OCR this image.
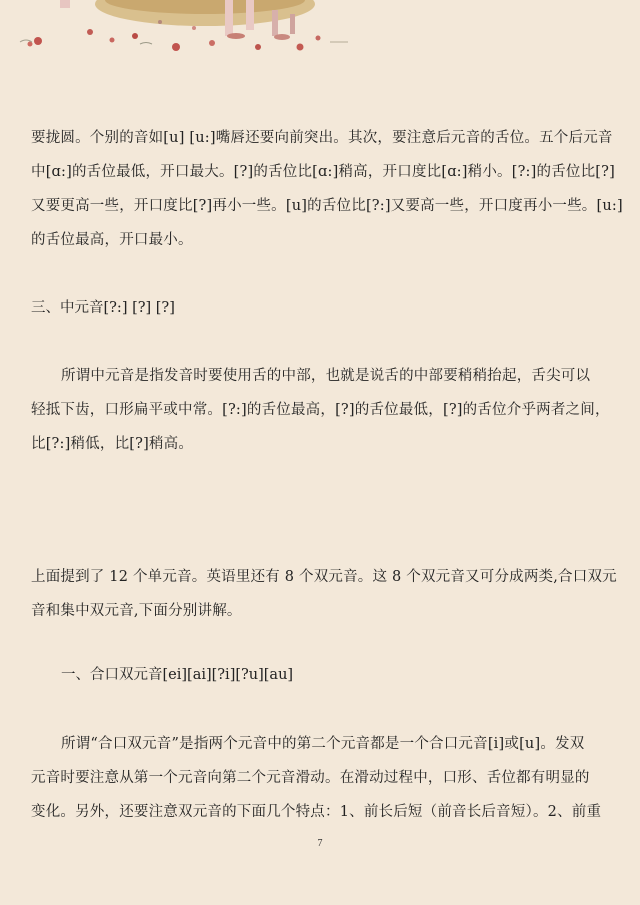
要拢圆。个别的音如[u] [u:]嘴唇还要向前突出。其次，要注意后元音的舌位。五个后元音
中[ɑ:]的舌位最低，开口最大。[?]的舌位比[ɑ:]稍高，开口度比[ɑ:]稍小。[?:]的舌位比[?]
又要更高一些，开口度比[?]再小一些。[u]的舌位比[?:]又要高一些，开口度再小一些。[u:]
的舌位最高，开口最小。

三、中元音[?:] [?] [?]

所谓中元音是指发音时要使用舌的中部，也就是说舌的中部要稍稍抬起，舌尖可以
轻抵下齿，口形扁平或中常。[?:]的舌位最高，[?]的舌位最低，[?]的舌位介乎两者之间，
比[?:]稍低，比[?]稍高。

上面提到了 12 个单元音。英语里还有 8 个双元音。这 8 个双元音又可分成两类,合口双元
音和集中双元音,下面分别讲解。

一、合口双元音[ei][ai][?i][?u][au]

所谓“合口双元音”是指两个元音中的第二个元音都是一个合口元音[i]或[u]。发双
元音时要注意从第一个元音向第二个元音滑动。在滑动过程中，口形、舌位都有明显的
变化。另外，还要注意双元音的下面几个特点：1、前长后短（前音长后音短）。2、前重

7
